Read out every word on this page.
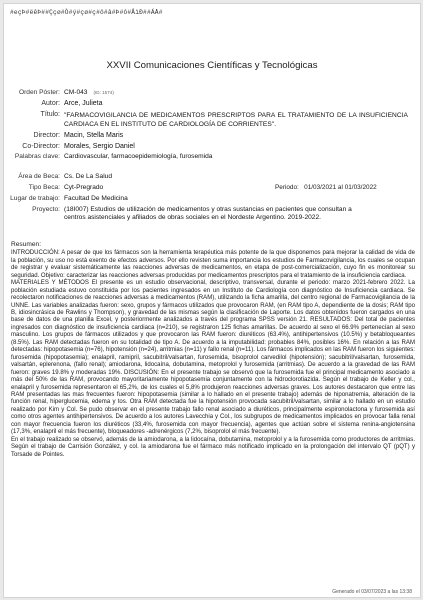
#eçÞ#ëêÞ##Ççø#Ò#ý#çø#ç#ô#â#Þ#ô#ÂìÐ##ÁÅ#
XXVII Comunicaciones Científicas y Tecnológicas
Orden Póster: CM-043 (ID: 1574)
Autor: Arce, Julieta
Título: "FARMACOVIGILANCIA DE MEDICAMENTOS PRESCRIPTOS PARA EL TRATAMIENTO DE LA INSUFICIENCIA CARDIACA EN EL INSTITUTO DE CARDIOLOGÍA DE CORRIENTES".
Director: Macin, Stella Maris
Co-Director: Morales, Sergio Daniel
Palabras clave: Cardiovascular, farmacoepidemiología, furosemida
Área de Beca: Cs. De La Salud
Tipo Beca: Cyt-Pregrado	Periodo: 01/03/2021 al 01/03/2022
Lugar de trabajo: Facultad De Medicina
Proyecto: (18I007) Estudios de utilización de medicamentos y otras sustancias en pacientes que consultan a centros asistenciales y afiliados de obras sociales en el Nordeste Argentino. 2019-2022.
Resumen:
INTRODUCCIÓN: A pesar de que los fármacos son la herramienta terapéutica más potente de la que disponemos para mejorar la calidad de vida de la población, su uso no está exento de efectos adversos. Por ello revisten suma importancia los estudios de Farmacovigilancia, los cuales se ocupan de registrar y evaluar sistemáticamente las reacciones adversas de medicamentos, en etapa de post-comercialización, cuyo fin es monitorear su seguridad. Objetivo: caracterizar las reacciones adversas producidas por medicamentos prescriptos para el tratamiento de la insuficiencia cardiaca.
MATERIALES Y MÉTODOS El presente es un estudio observacional, descriptivo, transversal, durante el periodo: marzo 2021-febrero 2022. La población estudiada estuvo constituida por los pacientes ingresados en un Instituto de Cardiología con diagnóstico de Insuficiencia cardiaca. Se recolectaron notificaciones de reacciones adversas a medicamentos (RAM), utilizando la ficha amarilla, del centro regional de Farmacovigilancia de la UNNE. Las variables analizadas fueron: sexo, grupos y fármacos utilizados que provocaron RAM, (en RAM tipo A, dependiente de la dosis; RAM tipo B, idiosincrásica de Rawlins y Thompson), y gravedad de las mismas según la clasificación de Laporte. Los datos obtenidos fueron cargados en una base de datos de una planilla Excel, y posteriormente analizados a través del programa SPSS versión 21. RESULTADOS: Del total de pacientes ingresados con diagnóstico de insuficiencia cardiaca (n=210), se registraron 125 fichas amarillas. De acuerdo al sexo el 66.9% pertenecían al sexo masculino. Los grupos de fármacos utilizados y que provocaron las RAM fueron: diuréticos (63.4%), antihipertensivos (10.5%) y betabloqueantes (8.5%). Las RAM detectadas fueron en su totalidad de tipo A. De acuerdo a la imputabilidad: probables 84%, posibles 16%. En relación a las RAM detectadas: hipopotasemia (n=76), hipotensión (n=24), arritmias (n=11) y fallo renal (n=11). Los fármacos implicados en las RAM fueron los siguientes: furosemida (hipopotasemia); enalapril, ramipril, sacubitril/valsartan, furosemida, bisoprolol carvedilol (hipotensión); sacubitril/valsartan, furosemida, valsartán, eplerenona, (fallo renal); amiodarona, lidocaína, dobutamina, metoprolol y furosemida (arritmias). De acuerdo a la gravedad de las RAM fueron: graves 19.8% y moderadas 19%. DISCUSIÓN: En el presente trabajo se observó que la furosemida fue el principal medicamento asociado a más del 50% de las RAM, provocando mayoritariamente hipopotasemia conjuntamente con la hidroclorotiazida. Según el trabajo de Keller y col., enalapril y furosemida representaron el 65,2%, de los cuales el 5,8% produjeron reacciones adversas graves. Los autores destacaron que entre las RAM presentadas las mas frecuentes fueron: hipopotasemia (similar a lo hallado en el presente trabajo) además de hiponatremia, alteración de la función renal, hiperglucemia, edema y tos. Otra RAM detectada fue la hipotensión provocada sacubitril/valsartan, similar a lo hallado en un estudio realizado por Kim y Col. Se pudo observar en el presente trabajo fallo renal asociado a diuréticos, principalmente espironolactona y furosemida así como otros agentes antihipertensivos. De acuerdo a los autores Lavecchia y Col., los subgrupos de medicamentos implicados en provocar falla renal con mayor frecuencia fueron los diuréticos (33,4%, furosemida con mayor frecuencia), agentes que actúan sobre el sistema renina-angiotensina (17,3%, enalapril el más frecuente), bloqueadores -adrenérgicos (7,2%, bisoprolol el más frecuente).
En el trabajo realizado se observó, además de la amiodarona, a la lidocaína, dobutamina, metoprolol y a la furosemida como productores de arritmias. Según el trabajo de Carrisión González, y col. la amiodarona fue el fármaco más notificado implicado en la prolongación del intervalo QT (pQT) y Torsade de Pointes.
Generado el 03/07/2023 a las 13:38
